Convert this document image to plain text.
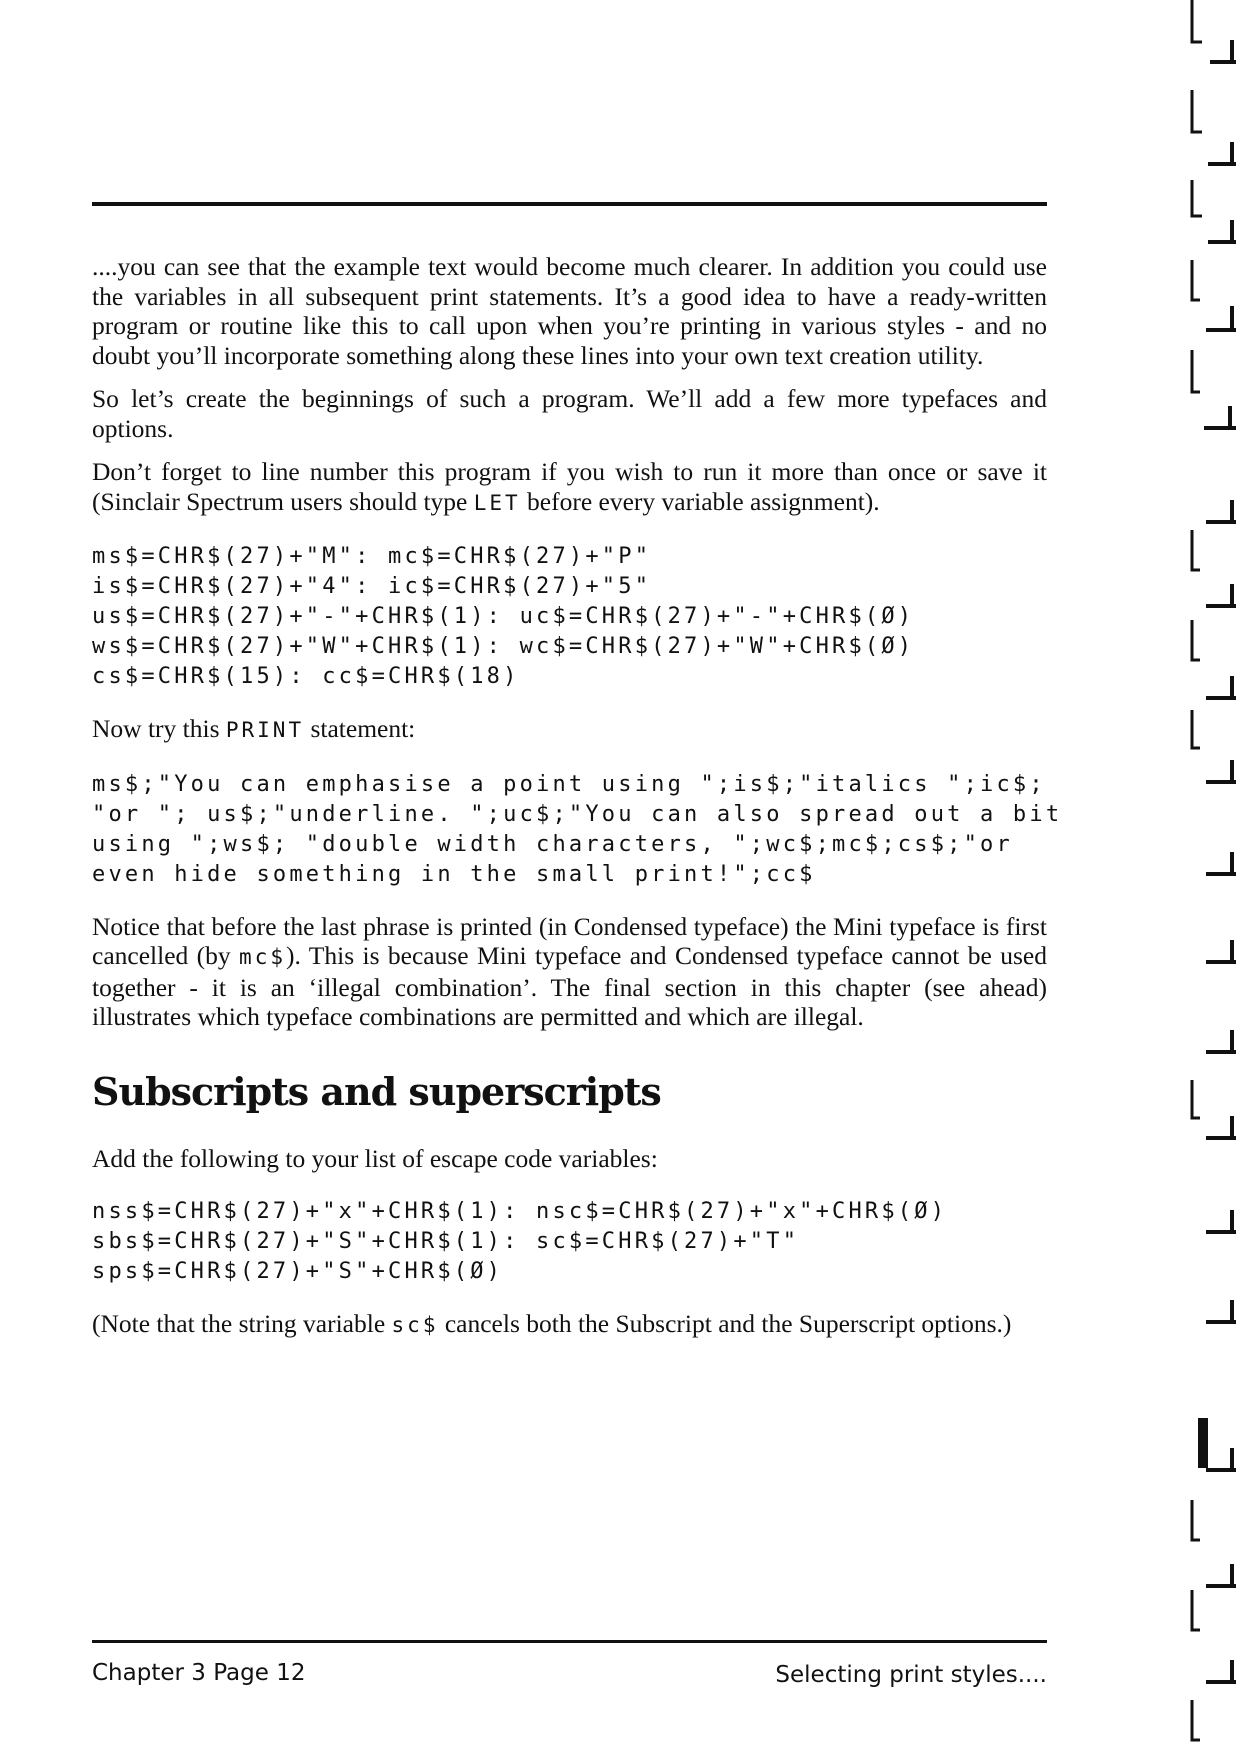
....you can see that the example text would become much clearer. In addition you could use the variables in all subsequent print statements. It’s a good idea to have a ready-written program or routine like this to call upon when you’re printing in various styles - and no doubt you’ll incorporate something along these lines into your own text creation utility.

So let’s create the beginnings of such a program. We’ll add a few more typefaces and options.

Don’t forget to line number this program if you wish to run it more than once or save it (Sinclair Spectrum users should type LET before every variable assignment).

ms$=CHR$(27)+"M": mc$=CHR$(27)+"P"
is$=CHR$(27)+"4": ic$=CHR$(27)+"5"
us$=CHR$(27)+"-"+CHR$(1): uc$=CHR$(27)+"-"+CHR$(Ø)
ws$=CHR$(27)+"W"+CHR$(1): wc$=CHR$(27)+"W"+CHR$(Ø)
cs$=CHR$(15): cc$=CHR$(18)

Now try this PRINT statement:

ms$;"You can emphasise a point using ";is$;"italics ";ic$;
"or "; us$;"underline. ";uc$;"You can also spread out a bit
using ";ws$; "double width characters, ";wc$;mc$;cs$;"or
even hide something in the small print!";cc$

Notice that before the last phrase is printed (in Condensed typeface) the Mini typeface is first cancelled (by mc$). This is because Mini typeface and Condensed typeface cannot be used together - it is an ‘illegal combination’. The final section in this chapter (see ahead) illustrates which typeface combinations are permitted and which are illegal.

Subscripts and superscripts

Add the following to your list of escape code variables:

nss$=CHR$(27)+"x"+CHR$(1): nsc$=CHR$(27)+"x"+CHR$(Ø)
sbs$=CHR$(27)+"S"+CHR$(1): sc$=CHR$(27)+"T"
sps$=CHR$(27)+"S"+CHR$(Ø)

(Note that the string variable sc$ cancels both the Subscript and the Superscript options.)

Chapter 3 Page 12	Selecting print styles....
